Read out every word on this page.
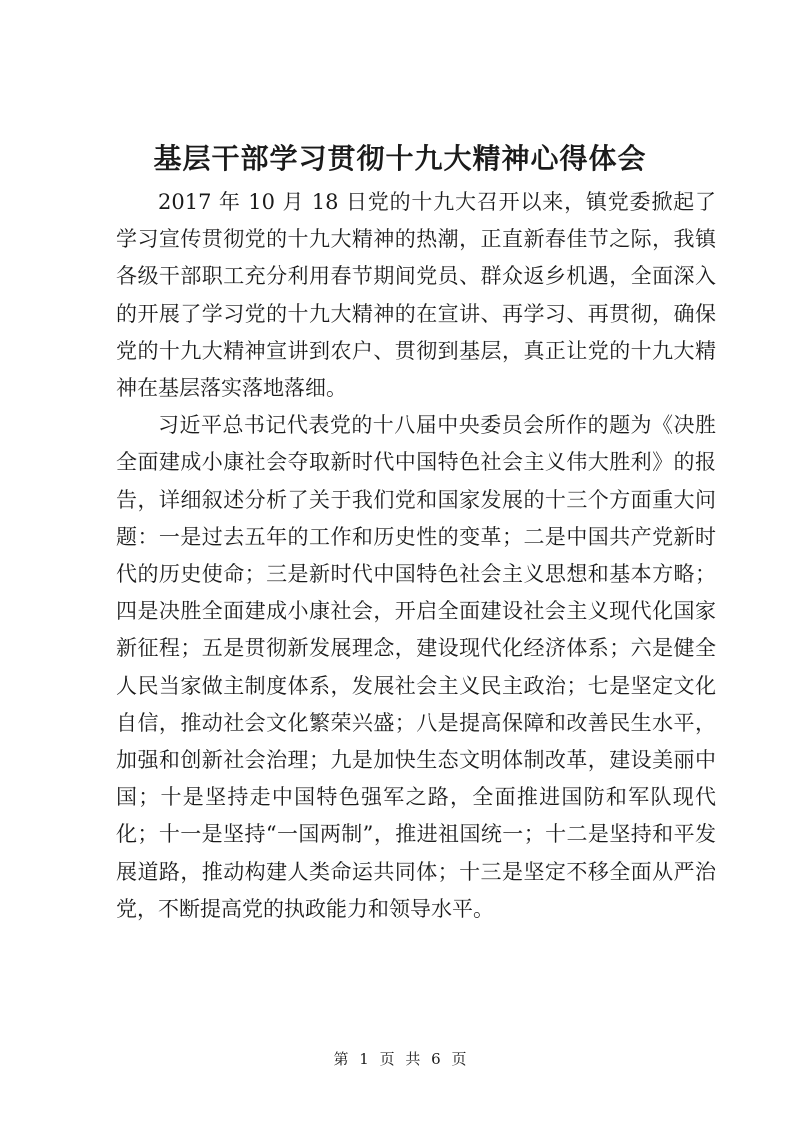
基层干部学习贯彻十九大精神心得体会

2017 年 10 月 18 日党的十九大召开以来，镇党委掀起了学习宣传贯彻党的十九大精神的热潮，正直新春佳节之际，我镇各级干部职工充分利用春节期间党员、群众返乡机遇，全面深入的开展了学习党的十九大精神的在宣讲、再学习、再贯彻，确保党的十九大精神宣讲到农户、贯彻到基层，真正让党的十九大精神在基层落实落地落细。

习近平总书记代表党的十八届中央委员会所作的题为《决胜全面建成小康社会夺取新时代中国特色社会主义伟大胜利》的报告，详细叙述分析了关于我们党和国家发展的十三个方面重大问题：一是过去五年的工作和历史性的变革；二是中国共产党新时代的历史使命；三是新时代中国特色社会主义思想和基本方略；四是决胜全面建成小康社会，开启全面建设社会主义现代化国家新征程；五是贯彻新发展理念，建设现代化经济体系；六是健全人民当家做主制度体系，发展社会主义民主政治；七是坚定文化自信，推动社会文化繁荣兴盛；八是提高保障和改善民生水平，加强和创新社会治理；九是加快生态文明体制改革，建设美丽中国；十是坚持走中国特色强军之路，全面推进国防和军队现代化；十一是坚持“一国两制”，推进祖国统一；十二是坚持和平发展道路，推动构建人类命运共同体；十三是坚定不移全面从严治党，不断提高党的执政能力和领导水平。

第 1 页 共 6 页
